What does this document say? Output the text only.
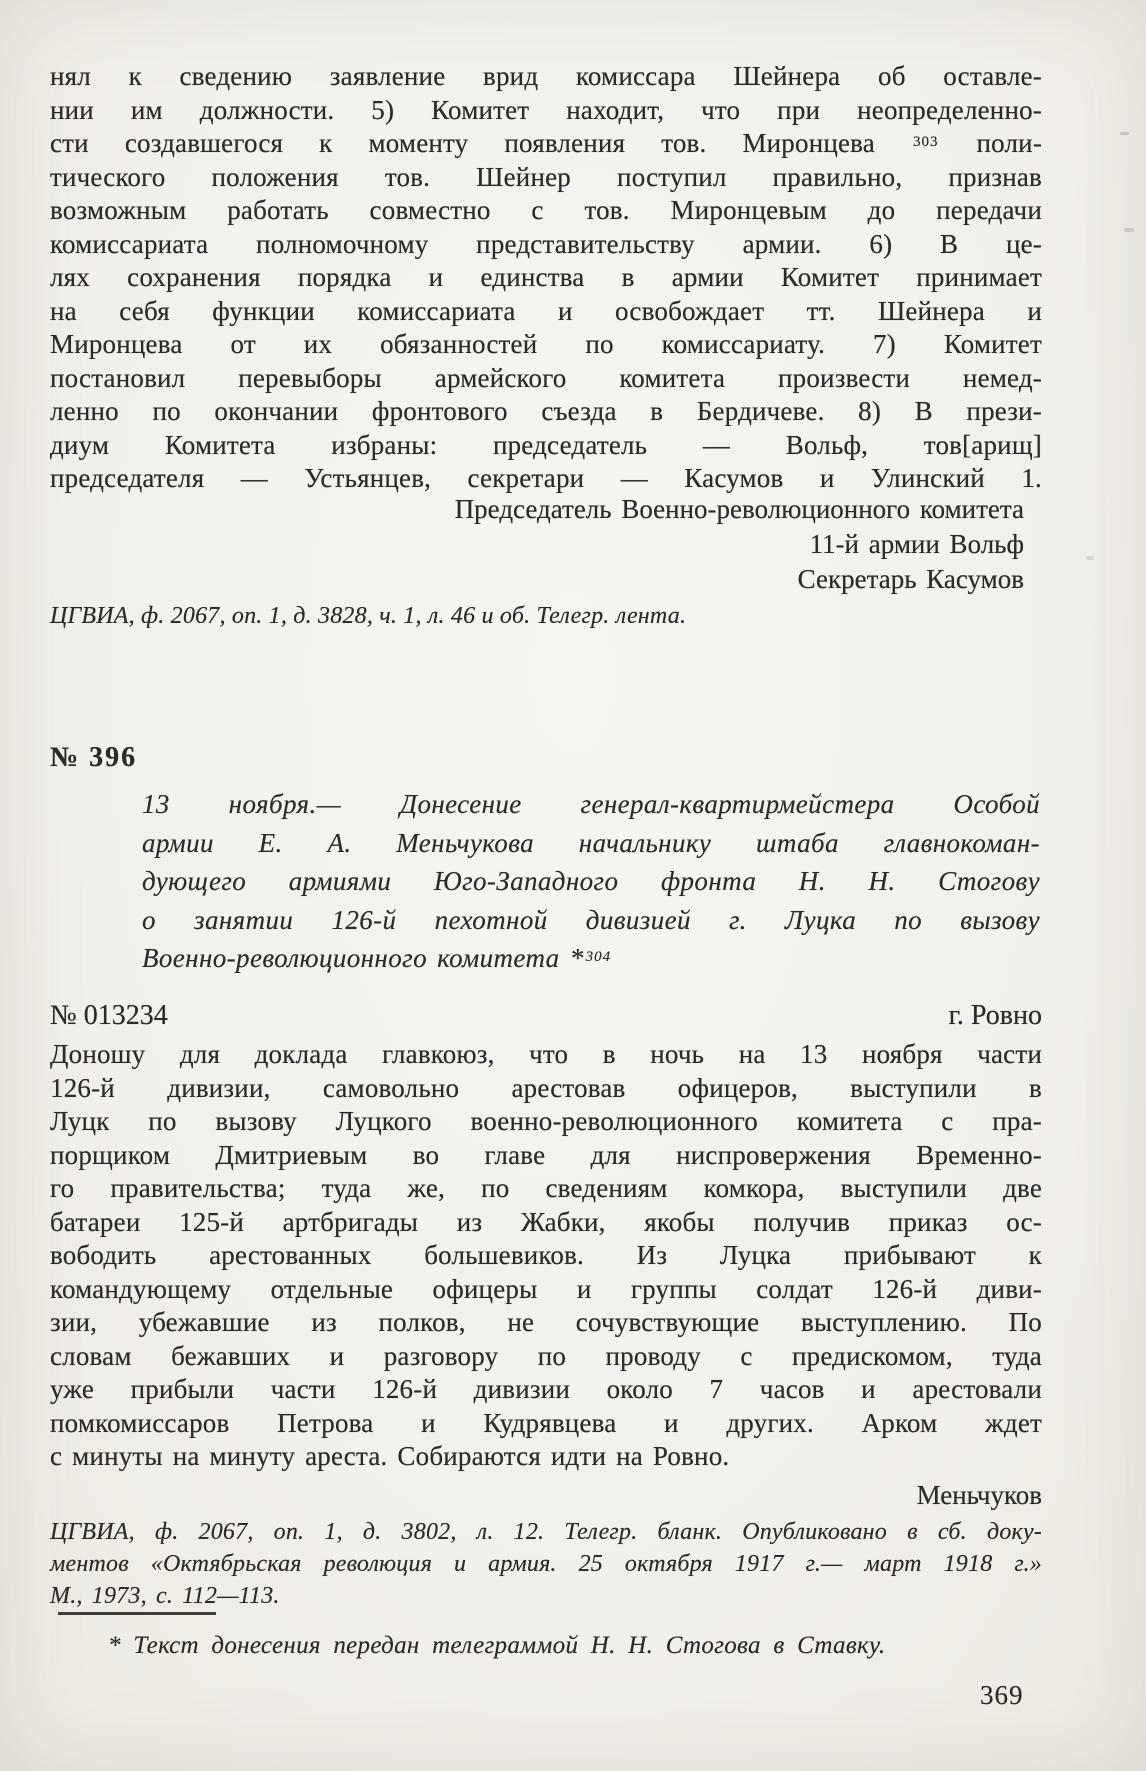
нял к сведению заявление врид комиссара Шейнера об оставле-
нии им должности. 5) Комитет находит, что при неопределенно-
сти создавшегося к моменту появления тов. Миронцева	$^{303}$ поли-
тического положения тов. Шейнер поступил правильно, признав
возможным работать совместно с тов. Миронцевым до передачи
комиссариата полномочному представительству армии. 6) В це-
лях сохранения порядка и единства в армии Комитет принимает
на себя функции комиссариата и освобождает тт. Шейнера и
Миронцева от их обязанностей по комиссариату. 7) Комитет
постановил перевыборы армейского комитета произвести немед-
ленно по окончании фронтового съезда в Бердичеве. 8) В прези-
диум Комитета избраны: председатель — Вольф, тов[арищ]
председателя — Устьянцев, секретари — Касумов и Улинский 1.
Председатель Военно-революционного комитета
11-й армии Вольф
Секретарь Касумов
ЦГВИА, ф. 2067, оп. 1, д. 3828, ч. 1, л. 46 и об. Телегр. лента.
№ 396
13 ноября.— Донесение генерал-квартирмейстера Особой
армии Е. А. Меньчукова начальнику штаба главнокоман-
дующего армиями Юго-Западного фронта Н. Н. Стогову
о занятии 126-й пехотной дивизией г. Луцка по вызову
Военно-революционного комитета * $^{304}$
№ 013234	г. Ровно
Доношу для доклада главкоюз, что в ночь на 13 ноября части
126-й дивизии, самовольно арестовав офицеров, выступили в
Луцк по вызову Луцкого военно-революционного комитета с пра-
порщиком Дмитриевым во главе для ниспровержения Временно-
го правительства; туда же, по сведениям комкора, выступили две
батареи 125-й артбригады из Жабки, якобы получив приказ ос-
вободить арестованных большевиков. Из Луцка прибывают к
командующему отдельные офицеры и группы солдат 126-й диви-
зии, убежавшие из полков, не сочувствующие выступлению. По
словам бежавших и разговору по проводу с предискомом, туда
уже прибыли части 126-й дивизии около 7 часов и арестовали
помкомиссаров Петрова и Кудрявцева и других. Арком ждет
с минуты на минуту ареста. Собираются идти на Ровно.
Меньчуков
ЦГВИА, ф. 2067, оп. 1, д. 3802, л. 12. Телегр. бланк. Опубликовано в сб. доку-
ментов «Октябрьская революция и армия. 25 октября 1917 г.— март 1918 г.»
М., 1973, с. 112—113.
* Текст донесения передан телеграммой Н. Н. Стогова в Ставку.
369
